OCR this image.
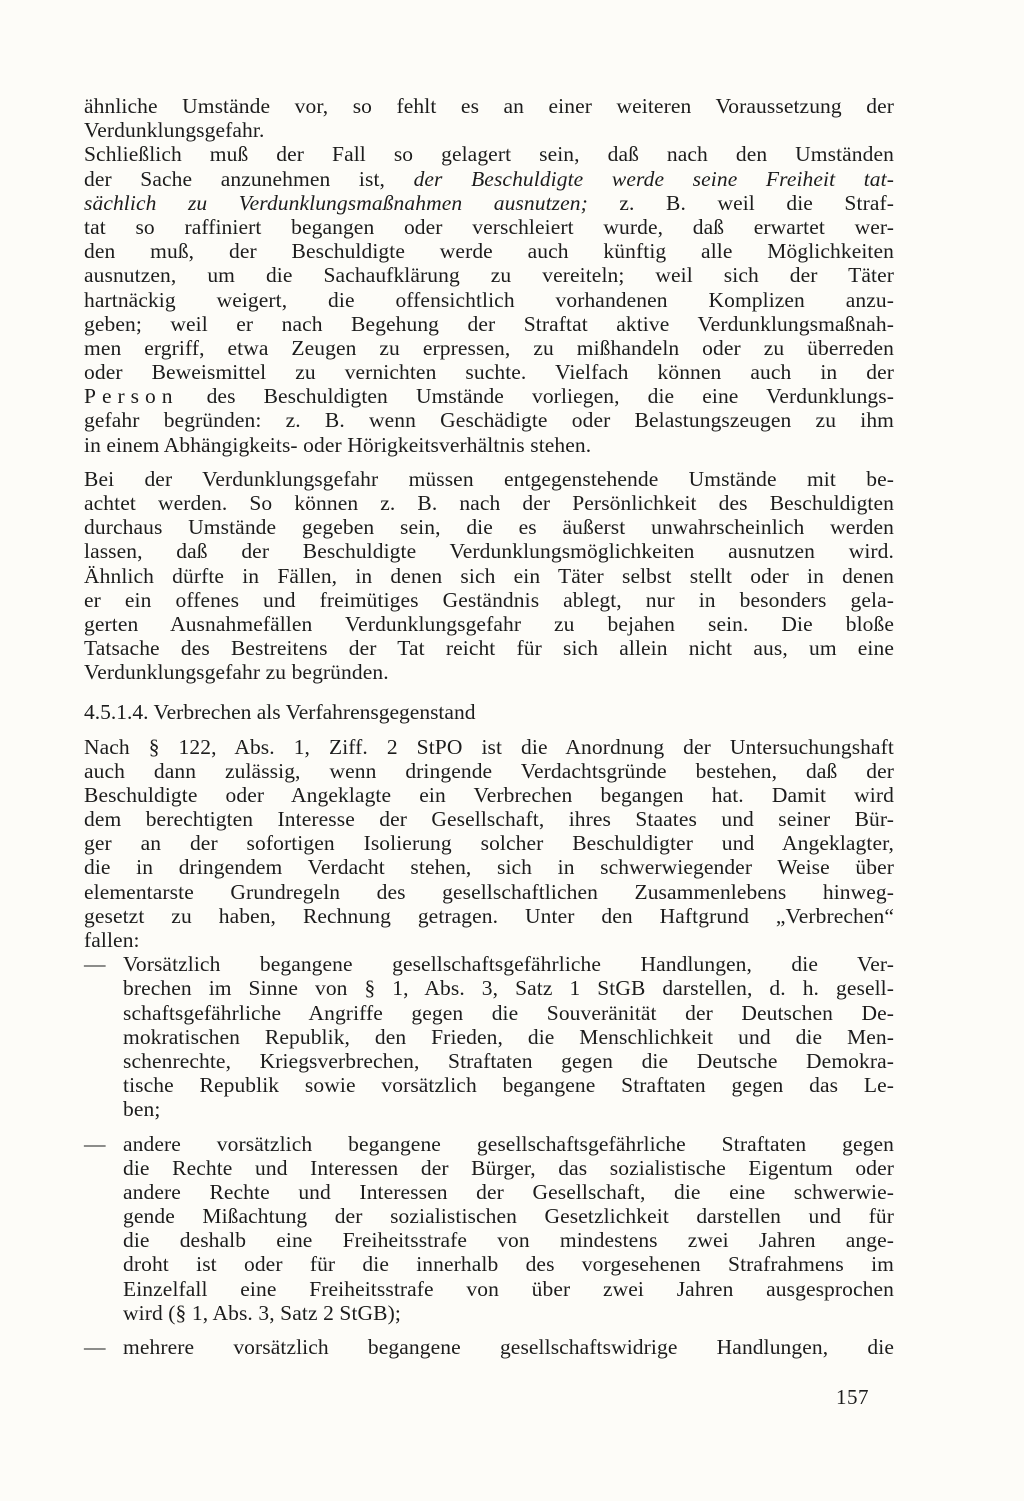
ähnliche Umstände vor, so fehlt es an einer weiteren Voraussetzung der
Verdunklungsgefahr.
Schließlich muß der Fall so gelagert sein, daß nach den Umständen
der Sache anzunehmen ist, der Beschuldigte werde seine Freiheit tat-
sächlich zu Verdunklungsmaßnahmen ausnutzen; z. B. weil die Straf-
tat so raffiniert begangen oder verschleiert wurde, daß erwartet wer-
den muß, der Beschuldigte werde auch künftig alle Möglichkeiten
ausnutzen, um die Sachaufklärung zu vereiteln; weil sich der Täter
hartnäckig weigert, die offensichtlich vorhandenen Komplizen anzu-
geben; weil er nach Begehung der Straftat aktive Verdunklungsmaßnah-
men ergriff, etwa Zeugen zu erpressen, zu mißhandeln oder zu überreden
oder Beweismittel zu vernichten suchte. Vielfach können auch in der
Person des Beschuldigten Umstände vorliegen, die eine Verdunklungs-
gefahr begründen: z. B. wenn Geschädigte oder Belastungszeugen zu ihm
in einem Abhängigkeits- oder Hörigkeitsverhältnis stehen.
Bei der Verdunklungsgefahr müssen entgegenstehende Umstände mit be-
achtet werden. So können z. B. nach der Persönlichkeit des Beschuldigten
durchaus Umstände gegeben sein, die es äußerst unwahrscheinlich werden
lassen, daß der Beschuldigte Verdunklungsmöglichkeiten ausnutzen wird.
Ähnlich dürfte in Fällen, in denen sich ein Täter selbst stellt oder in denen
er ein offenes und freimütiges Geständnis ablegt, nur in besonders gela-
gerten Ausnahmefällen Verdunklungsgefahr zu bejahen sein. Die bloße
Tatsache des Bestreitens der Tat reicht für sich allein nicht aus, um eine
Verdunklungsgefahr zu begründen.
4.5.1.4. Verbrechen als Verfahrensgegenstand
Nach § 122, Abs. 1, Ziff. 2 StPO ist die Anordnung der Untersuchungshaft
auch dann zulässig, wenn dringende Verdachtsgründe bestehen, daß der
Beschuldigte oder Angeklagte ein Verbrechen begangen hat. Damit wird
dem berechtigten Interesse der Gesellschaft, ihres Staates und seiner Bür-
ger an der sofortigen Isolierung solcher Beschuldigter und Angeklagter,
die in dringendem Verdacht stehen, sich in schwerwiegender Weise über
elementarste Grundregeln des gesellschaftlichen Zusammenlebens hinweg-
gesetzt zu haben, Rechnung getragen. Unter den Haftgrund „Verbrechen“
fallen:
— Vorsätzlich begangene gesellschaftsgefährliche Handlungen, die Ver-
brechen im Sinne von § 1, Abs. 3, Satz 1 StGB darstellen, d. h. gesell-
schaftsgefährliche Angriffe gegen die Souveränität der Deutschen De-
mokratischen Republik, den Frieden, die Menschlichkeit und die Men-
schenrechte, Kriegsverbrechen, Straftaten gegen die Deutsche Demokra-
tische Republik sowie vorsätzlich begangene Straftaten gegen das Le-
ben;
— andere vorsätzlich begangene gesellschaftsgefährliche Straftaten gegen
die Rechte und Interessen der Bürger, das sozialistische Eigentum oder
andere Rechte und Interessen der Gesellschaft, die eine schwerwie-
gende Mißachtung der sozialistischen Gesetzlichkeit darstellen und für
die deshalb eine Freiheitsstrafe von mindestens zwei Jahren ange-
droht ist oder für die innerhalb des vorgesehenen Strafrahmens im
Einzelfall eine Freiheitsstrafe von über zwei Jahren ausgesprochen
wird (§ 1, Abs. 3, Satz 2 StGB);
— mehrere vorsätzlich begangene gesellschaftswidrige Handlungen, die
157
